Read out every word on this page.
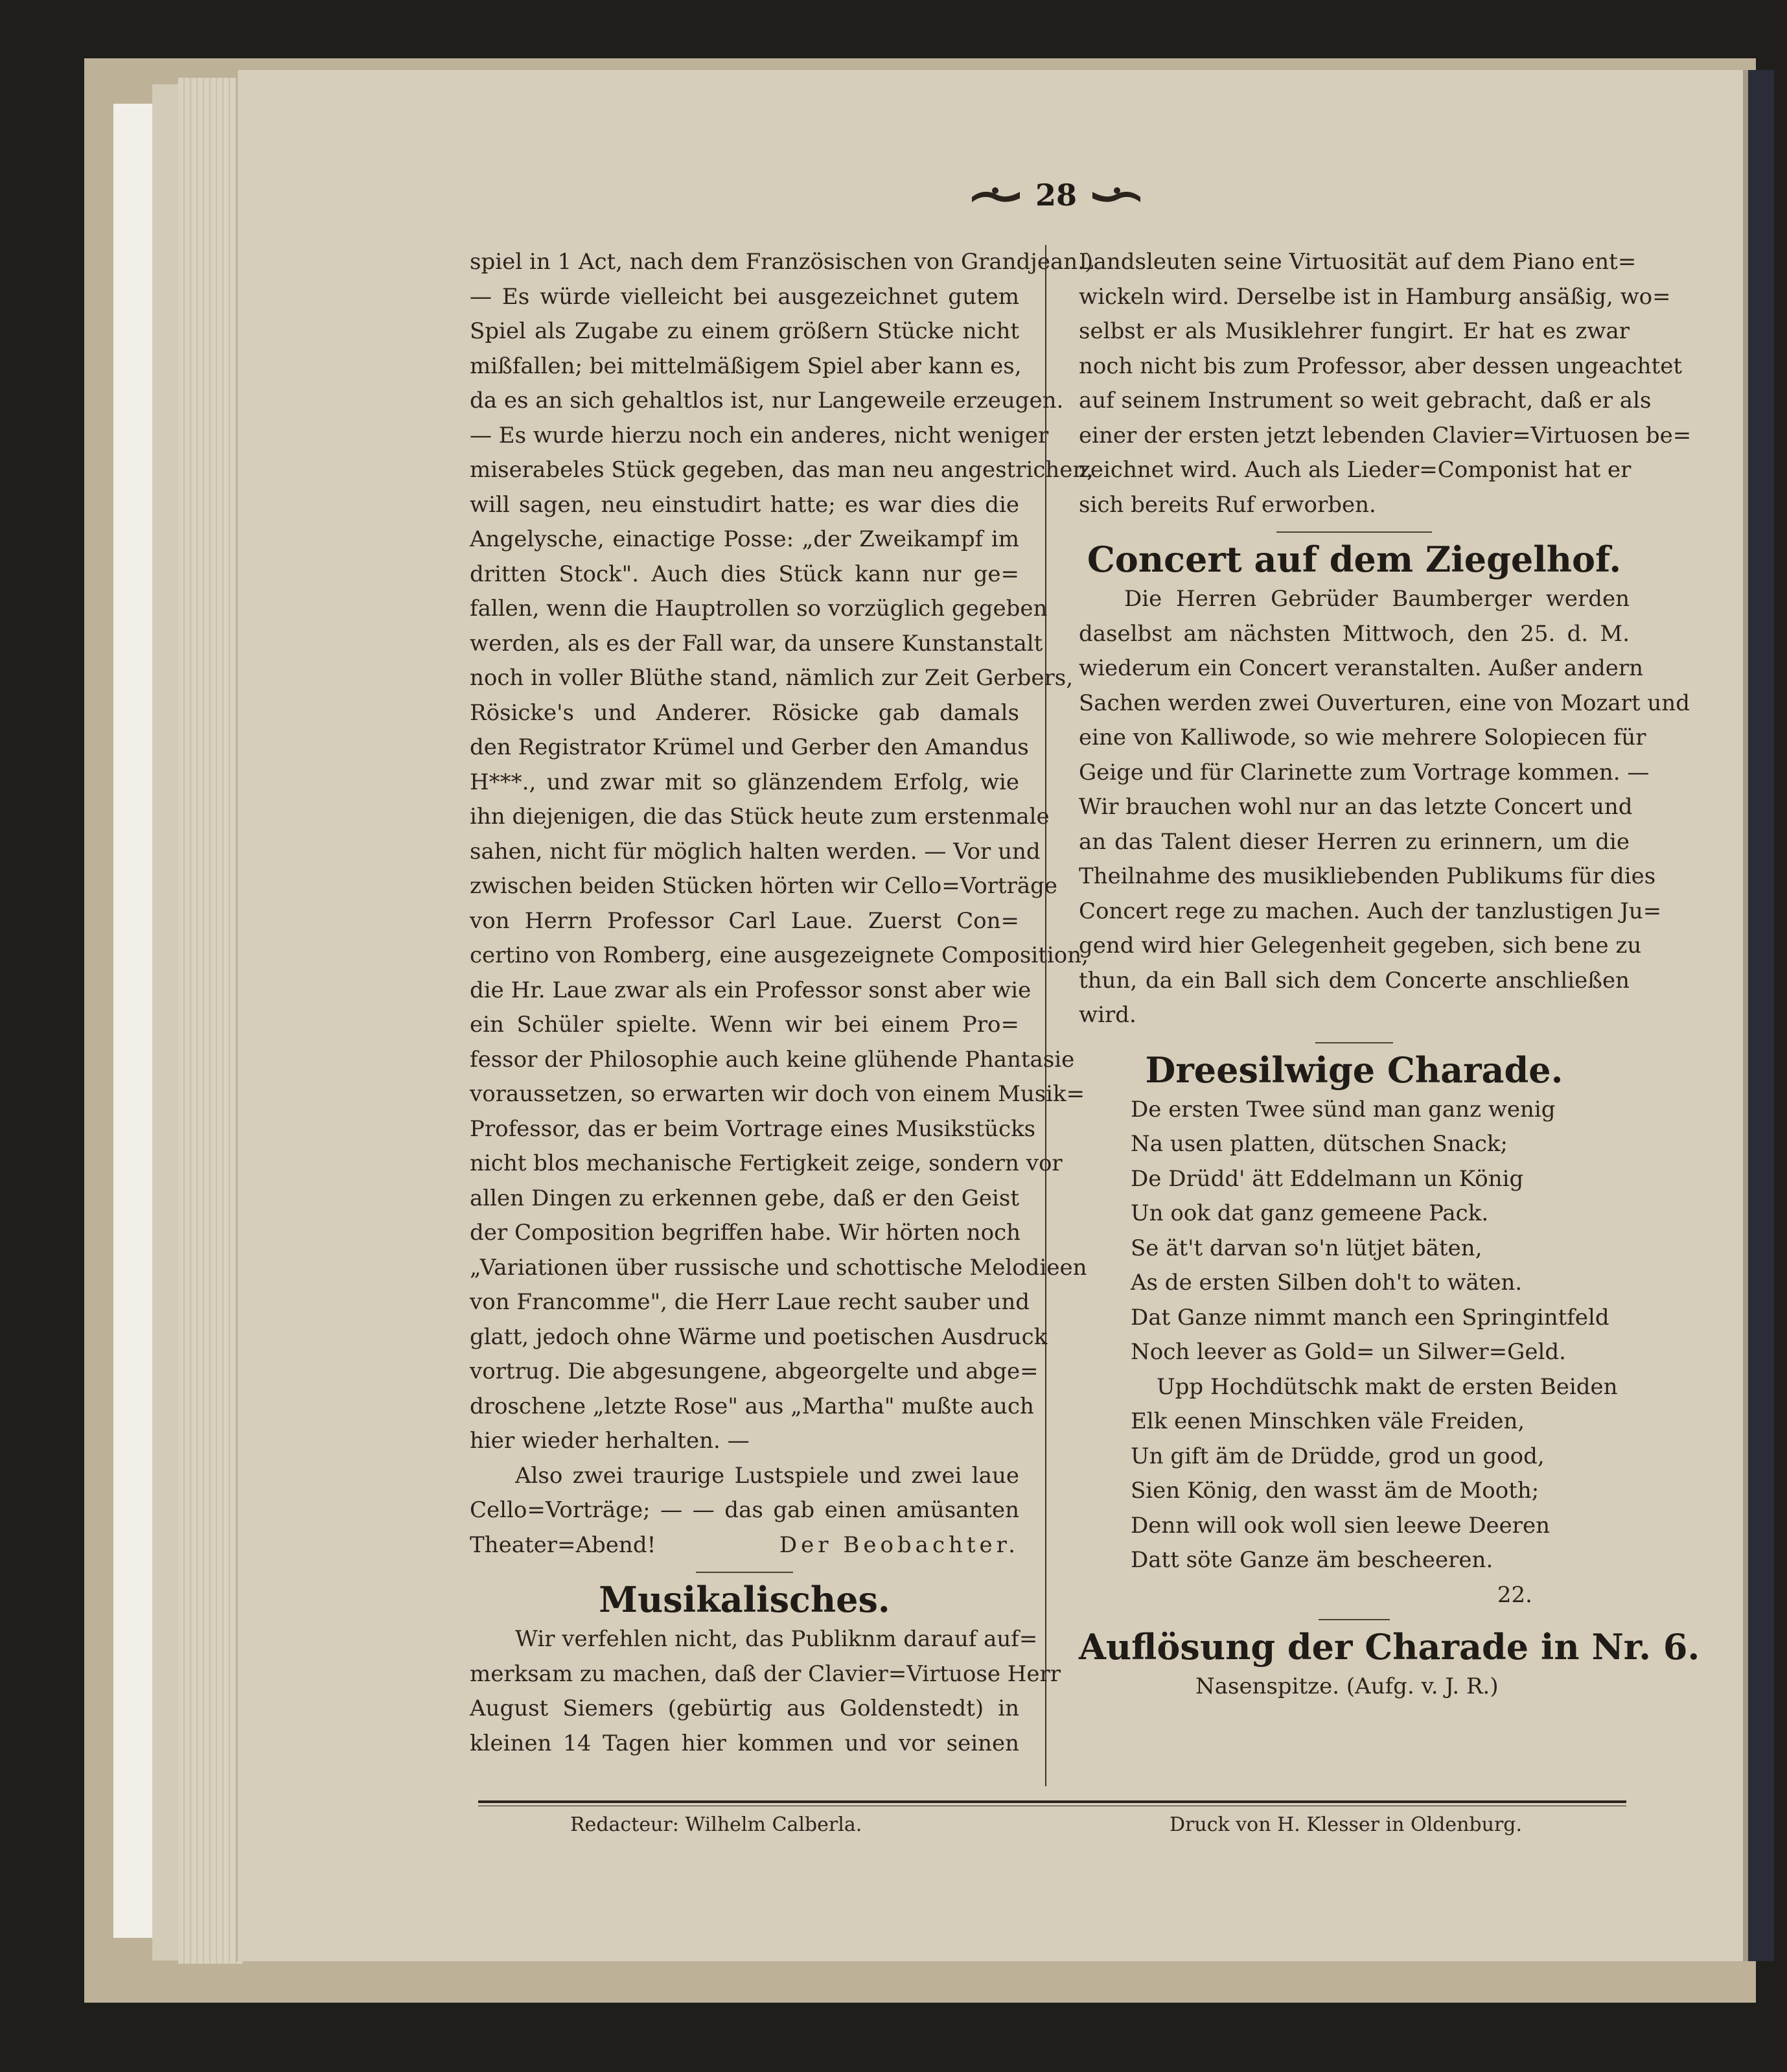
28
spiel in 1 Act, nach dem Französischen von Grandjean.)
— Es würde vielleicht bei ausgezeichnet gutem
Spiel als Zugabe zu einem größern Stücke nicht
mißfallen; bei mittelmäßigem Spiel aber kann es,
da es an sich gehaltlos ist, nur Langeweile erzeugen.
— Es wurde hierzu noch ein anderes, nicht weniger
miserabeles Stück gegeben, das man neu angestrichen,
will sagen, neu einstudirt hatte; es war dies die
Angelysche, einactige Posse: „der Zweikampf im
dritten Stock". Auch dies Stück kann nur ge=
fallen, wenn die Hauptrollen so vorzüglich gegeben
werden, als es der Fall war, da unsere Kunstanstalt
noch in voller Blüthe stand, nämlich zur Zeit Gerbers,
Rösicke's und Anderer. Rösicke gab damals
den Registrator Krümel und Gerber den Amandus
H***., und zwar mit so glänzendem Erfolg, wie
ihn diejenigen, die das Stück heute zum erstenmale
sahen, nicht für möglich halten werden. — Vor und
zwischen beiden Stücken hörten wir Cello=Vorträge
von Herrn Professor Carl Laue. Zuerst Con=
certino von Romberg, eine ausgezeignete Composition,
die Hr. Laue zwar als ein Professor sonst aber wie
ein Schüler spielte. Wenn wir bei einem Pro=
fessor der Philosophie auch keine glühende Phantasie
voraussetzen, so erwarten wir doch von einem Musik=
Professor, das er beim Vortrage eines Musikstücks
nicht blos mechanische Fertigkeit zeige, sondern vor
allen Dingen zu erkennen gebe, daß er den Geist
der Composition begriffen habe. Wir hörten noch
„Variationen über russische und schottische Melodieen
von Francomme", die Herr Laue recht sauber und
glatt, jedoch ohne Wärme und poetischen Ausdruck
vortrug. Die abgesungene, abgeorgelte und abge=
droschene „letzte Rose" aus „Martha" mußte auch
hier wieder herhalten. —
Also zwei traurige Lustspiele und zwei laue
Cello=Vorträge; — — das gab einen amüsanten
Theater=Abend!	Der Beobachter.
Musikalisches.
Wir verfehlen nicht, das Publiknm darauf auf=
merksam zu machen, daß der Clavier=Virtuose Herr
August Siemers (gebürtig aus Goldenstedt) in
kleinen 14 Tagen hier kommen und vor seinen
Landsleuten seine Virtuosität auf dem Piano ent=
wickeln wird. Derselbe ist in Hamburg ansäßig, wo=
selbst er als Musiklehrer fungirt. Er hat es zwar
noch nicht bis zum Professor, aber dessen ungeachtet
auf seinem Instrument so weit gebracht, daß er als
einer der ersten jetzt lebenden Clavier=Virtuosen be=
zeichnet wird. Auch als Lieder=Componist hat er
sich bereits Ruf erworben.
Concert auf dem Ziegelhof.
Die Herren Gebrüder Baumberger werden
daselbst am nächsten Mittwoch, den 25. d. M.
wiederum ein Concert veranstalten. Außer andern
Sachen werden zwei Ouverturen, eine von Mozart und
eine von Kalliwode, so wie mehrere Solopiecen für
Geige und für Clarinette zum Vortrage kommen. —
Wir brauchen wohl nur an das letzte Concert und
an das Talent dieser Herren zu erinnern, um die
Theilnahme des musikliebenden Publikums für dies
Concert rege zu machen. Auch der tanzlustigen Ju=
gend wird hier Gelegenheit gegeben, sich bene zu
thun, da ein Ball sich dem Concerte anschließen
wird.
Dreesilwige Charade.
De ersten Twee sünd man ganz wenig
Na usen platten, dütschen Snack;
De Drüdd' ätt Eddelmann un König
Un ook dat ganz gemeene Pack.
Se ät't darvan so'n lütjet bäten,
As de ersten Silben doh't to wäten.
Dat Ganze nimmt manch een Springintfeld
Noch leever as Gold= un Silwer=Geld.
Upp Hochdütschk makt de ersten Beiden
Elk eenen Minschken väle Freiden,
Un gift äm de Drüdde, grod un good,
Sien König, den wasst äm de Mooth;
Denn will ook woll sien leewe Deeren
Datt söte Ganze äm bescheeren.
22.
Auflösung der Charade in Nr. 6.
Nasenspitze. (Aufg. v. J. R.)
Redacteur: Wilhelm Calberla.	Druck von H. Klesser in Oldenburg.
